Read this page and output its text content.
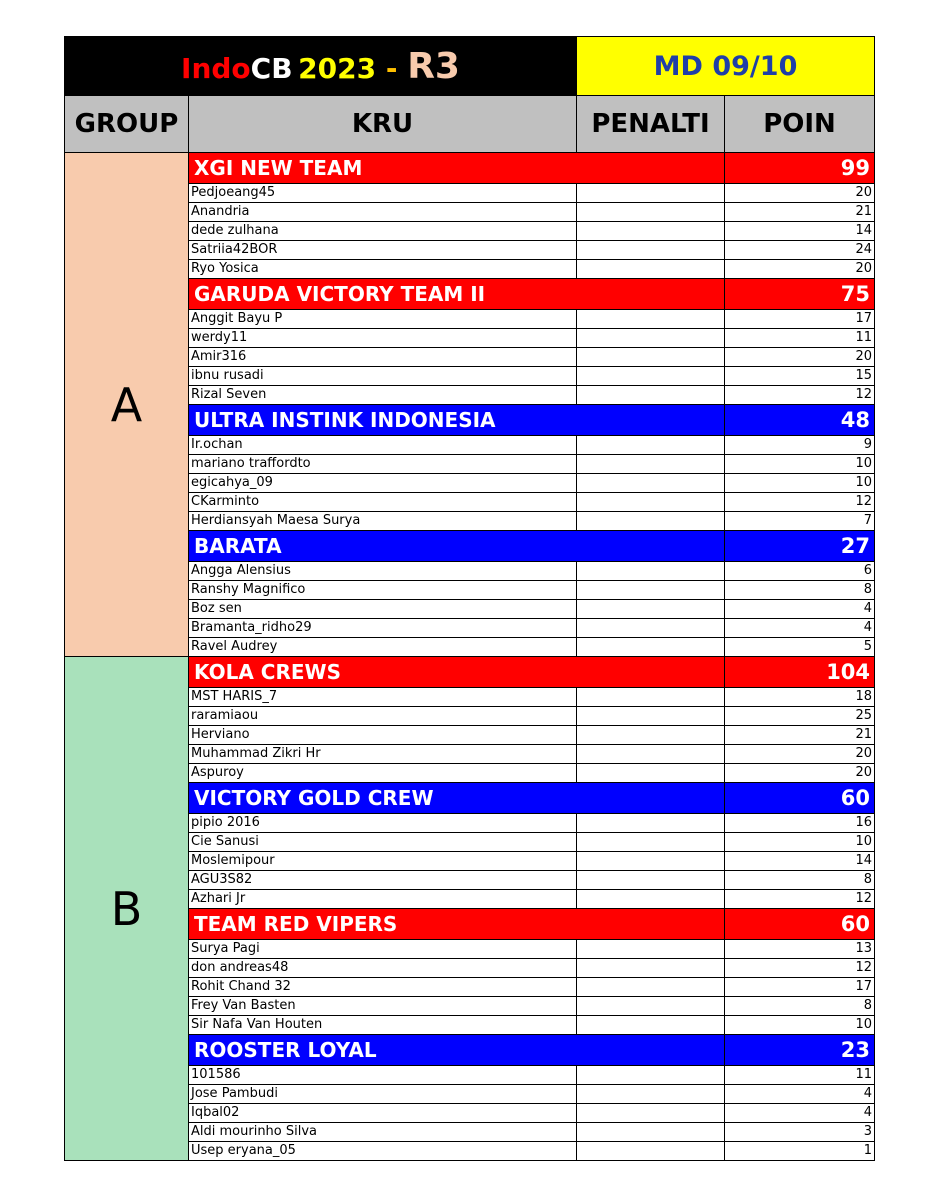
IndoCB 2023 - R3		MD 09/10	
GROUP	KRU	PENALTI	POIN
A	XGI NEW TEAM		99
	Pedjoeang45		20
	Anandria		21
	dede zulhana		14
	Satriia42BOR		24
	Ryo Yosica		20
	GARUDA VICTORY TEAM II		75
	Anggit Bayu P		17
	werdy11		11
	Amir316		20
	ibnu rusadi		15
	Rizal Seven		12
	ULTRA INSTINK INDONESIA		48
	Ir.ochan		9
	mariano traffordto		10
	egicahya_09		10
	CKarminto		12
	Herdiansyah Maesa Surya		7
	BARATA		27
	Angga Alensius		6
	Ranshy Magnifico		8
	Boz sen		4
	Bramanta_ridho29		4
	Ravel Audrey		5
B	KOLA CREWS		104
	MST HARIS_7		18
	raramiaou		25
	Herviano		21
	Muhammad Zikri Hr		20
	Aspuroy		20
	VICTORY GOLD CREW		60
	pipio 2016		16
	Cie Sanusi		10
	Moslemipour		14
	AGU3S82		8
	Azhari Jr		12
	TEAM RED VIPERS		60
	Surya Pagi		13
	don andreas48		12
	Rohit Chand 32		17
	Frey Van Basten		8
	Sir Nafa Van Houten		10
	ROOSTER LOYAL		23
	101586		11
	Jose Pambudi		4
	Iqbal02		4
	Aldi mourinho Silva		3
	Usep eryana_05		1
